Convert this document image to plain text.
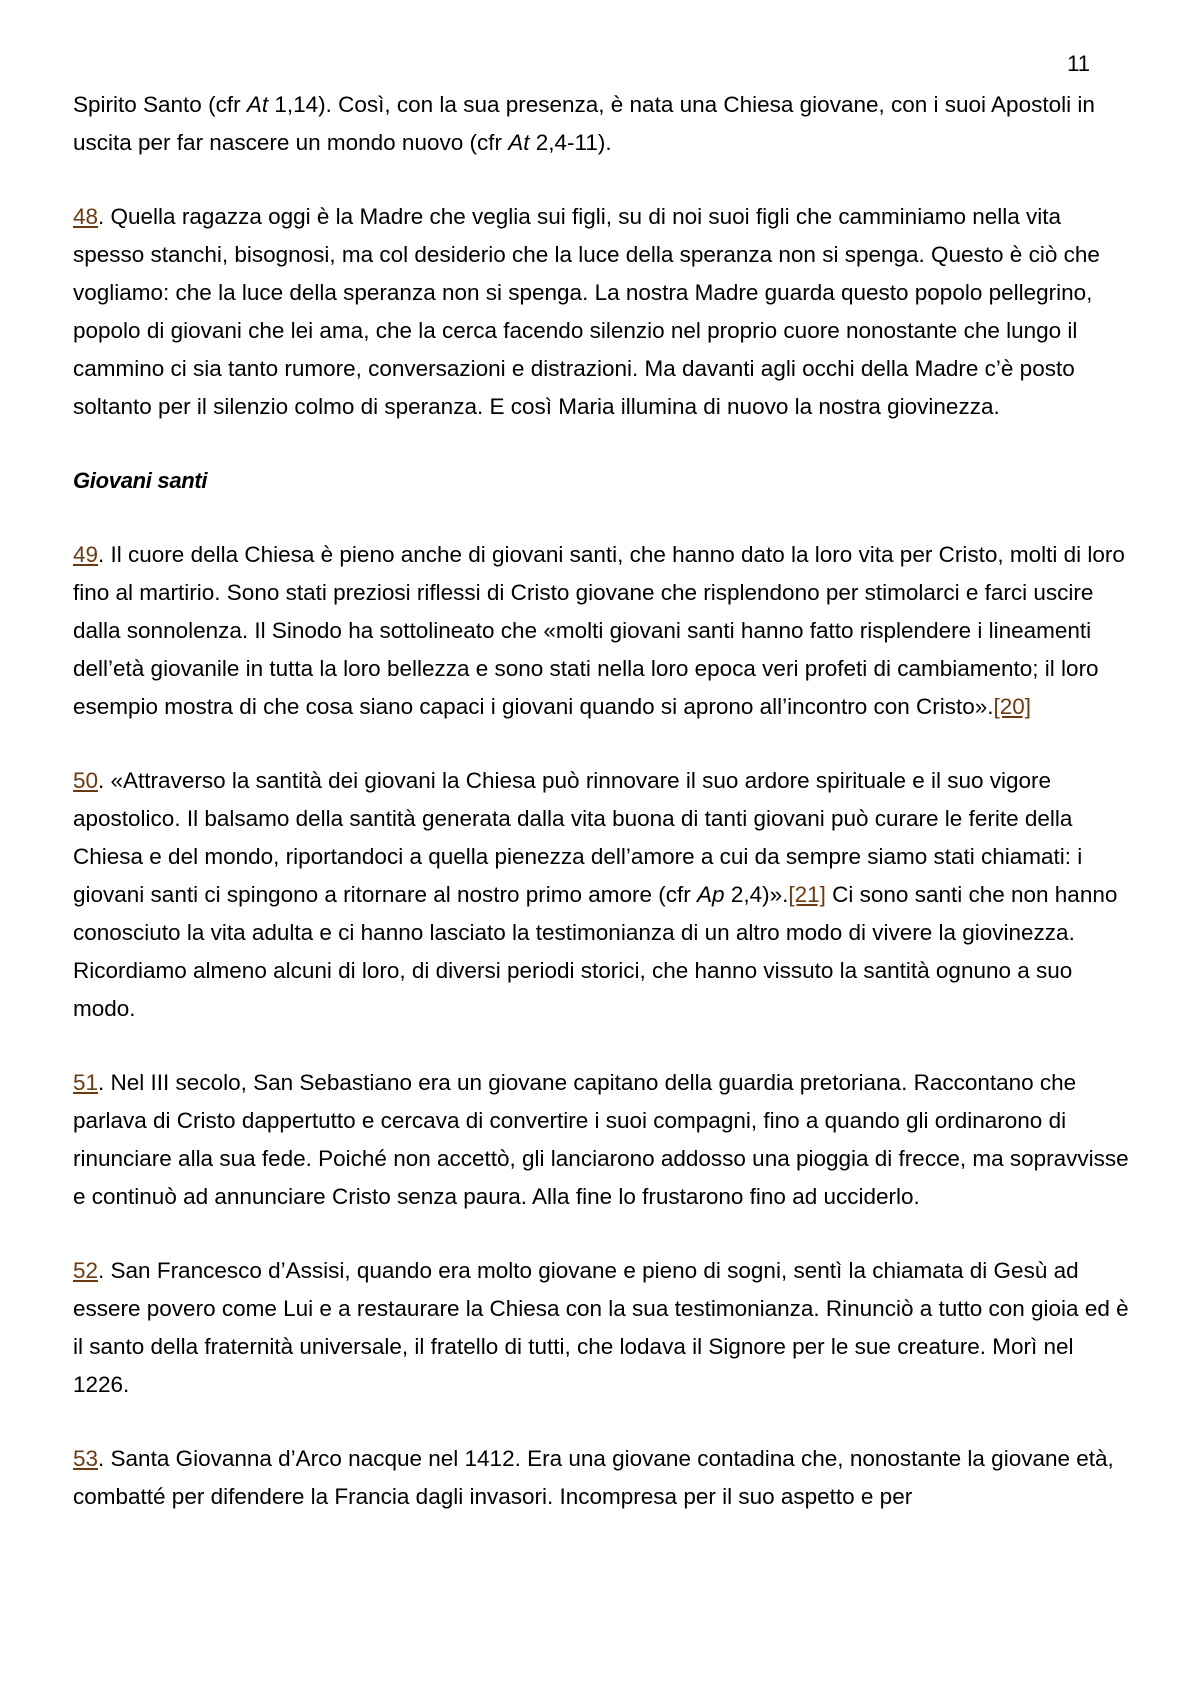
11

Spirito Santo (cfr At 1,14). Così, con la sua presenza, è nata una Chiesa giovane, con i suoi Apostoli in uscita per far nascere un mondo nuovo (cfr At 2,4-11).

48. Quella ragazza oggi è la Madre che veglia sui figli, su di noi suoi figli che camminiamo nella vita spesso stanchi, bisognosi, ma col desiderio che la luce della speranza non si spenga. Questo è ciò che vogliamo: che la luce della speranza non si spenga. La nostra Madre guarda questo popolo pellegrino, popolo di giovani che lei ama, che la cerca facendo silenzio nel proprio cuore nonostante che lungo il cammino ci sia tanto rumore, conversazioni e distrazioni. Ma davanti agli occhi della Madre c’è posto soltanto per il silenzio colmo di speranza. E così Maria illumina di nuovo la nostra giovinezza.

Giovani santi

49. Il cuore della Chiesa è pieno anche di giovani santi, che hanno dato la loro vita per Cristo, molti di loro fino al martirio. Sono stati preziosi riflessi di Cristo giovane che risplendono per stimolarci e farci uscire dalla sonnolenza. Il Sinodo ha sottolineato che «molti giovani santi hanno fatto risplendere i lineamenti dell’età giovanile in tutta la loro bellezza e sono stati nella loro epoca veri profeti di cambiamento; il loro esempio mostra di che cosa siano capaci i giovani quando si aprono all’incontro con Cristo».[20]

50. «Attraverso la santità dei giovani la Chiesa può rinnovare il suo ardore spirituale e il suo vigore apostolico. Il balsamo della santità generata dalla vita buona di tanti giovani può curare le ferite della Chiesa e del mondo, riportandoci a quella pienezza dell’amore a cui da sempre siamo stati chiamati: i giovani santi ci spingono a ritornare al nostro primo amore (cfr Ap 2,4)».[21] Ci sono santi che non hanno conosciuto la vita adulta e ci hanno lasciato la testimonianza di un altro modo di vivere la giovinezza. Ricordiamo almeno alcuni di loro, di diversi periodi storici, che hanno vissuto la santità ognuno a suo modo.

51. Nel III secolo, San Sebastiano era un giovane capitano della guardia pretoriana. Raccontano che parlava di Cristo dappertutto e cercava di convertire i suoi compagni, fino a quando gli ordinarono di rinunciare alla sua fede. Poiché non accettò, gli lanciarono addosso una pioggia di frecce, ma sopravvisse e continuò ad annunciare Cristo senza paura. Alla fine lo frustarono fino ad ucciderlo.

52. San Francesco d’Assisi, quando era molto giovane e pieno di sogni, sentì la chiamata di Gesù ad essere povero come Lui e a restaurare la Chiesa con la sua testimonianza. Rinunciò a tutto con gioia ed è il santo della fraternità universale, il fratello di tutti, che lodava il Signore per le sue creature. Morì nel 1226.

53. Santa Giovanna d’Arco nacque nel 1412. Era una giovane contadina che, nonostante la giovane età, combatté per difendere la Francia dagli invasori. Incompresa per il suo aspetto e per
